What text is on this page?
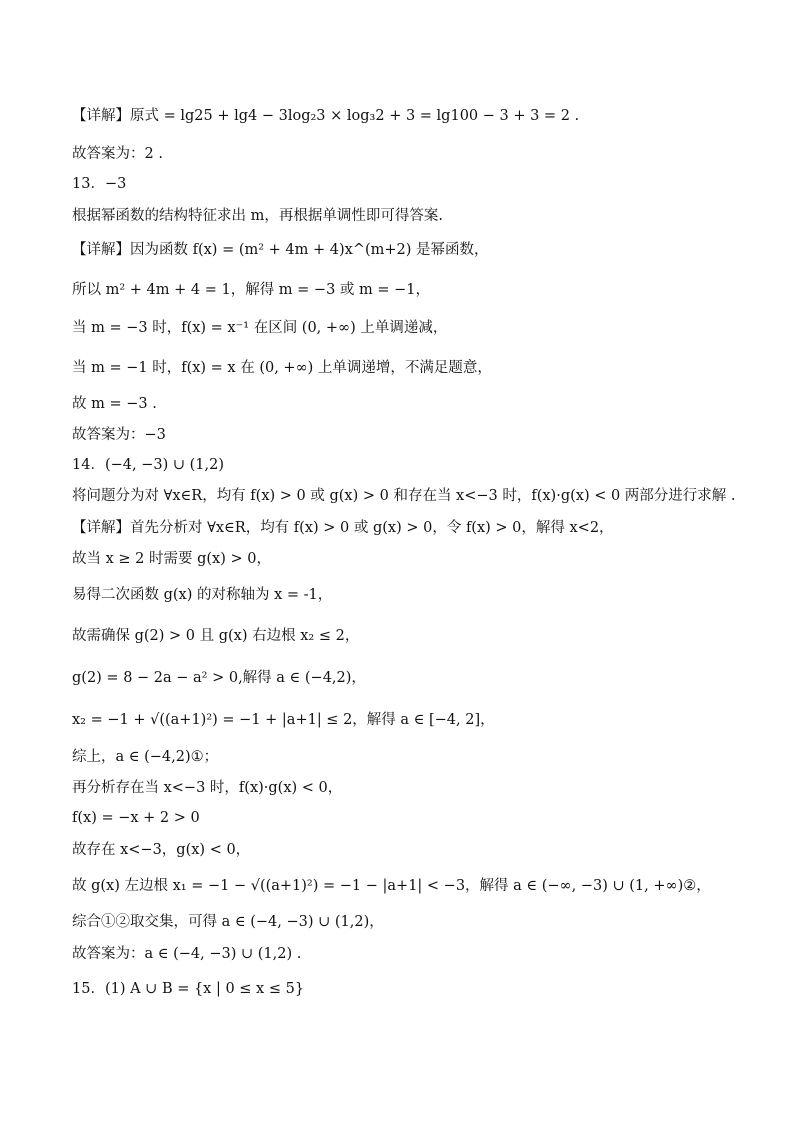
【详解】原式 = lg25 + lg4 − 3log₂3 × log₃2 + 3 = lg100 − 3 + 3 = 2 .
故答案为：2 .
13．−3
根据幂函数的结构特征求出 m，再根据单调性即可得答案.
【详解】因为函数 f(x) = (m² + 4m + 4)x^(m+2) 是幂函数，
所以 m² + 4m + 4 = 1，解得 m = −3 或 m = −1，
当 m = −3 时，f(x) = x⁻¹ 在区间 (0, +∞) 上单调递减，
当 m = −1 时，f(x) = x 在 (0, +∞) 上单调递增，不满足题意，
故 m = −3 .
故答案为：−3
14．(−4, −3) ∪ (1,2)
将问题分为对 ∀x∈R，均有 f(x) > 0 或 g(x) > 0 和存在当 x<−3 时，f(x)·g(x) < 0 两部分进行求解 .
【详解】首先分析对 ∀x∈R，均有 f(x) > 0 或 g(x) > 0，令 f(x) > 0，解得 x<2，
故当 x ≥ 2 时需要 g(x) > 0，
易得二次函数 g(x) 的对称轴为 x = -1，
故需确保 g(2) > 0 且 g(x) 右边根 x₂ ≤ 2，
g(2) = 8 − 2a − a² > 0,解得 a ∈ (−4,2)，
x₂ = −1 + √((a+1)²) = −1 + |a+1| ≤ 2，解得 a ∈ [−4, 2]，
综上，a ∈ (−4,2)①；
再分析存在当 x<−3 时，f(x)·g(x) < 0，
f(x) = −x + 2 > 0
故存在 x<−3，g(x) < 0，
故 g(x) 左边根 x₁ = −1 − √((a+1)²) = −1 − |a+1| < −3，解得 a ∈ (−∞, −3) ∪ (1, +∞)②，
综合①②取交集，可得 a ∈ (−4, −3) ∪ (1,2)，
故答案为：a ∈ (−4, −3) ∪ (1,2) .
15．(1) A ∪ B = {x | 0 ≤ x ≤ 5}
